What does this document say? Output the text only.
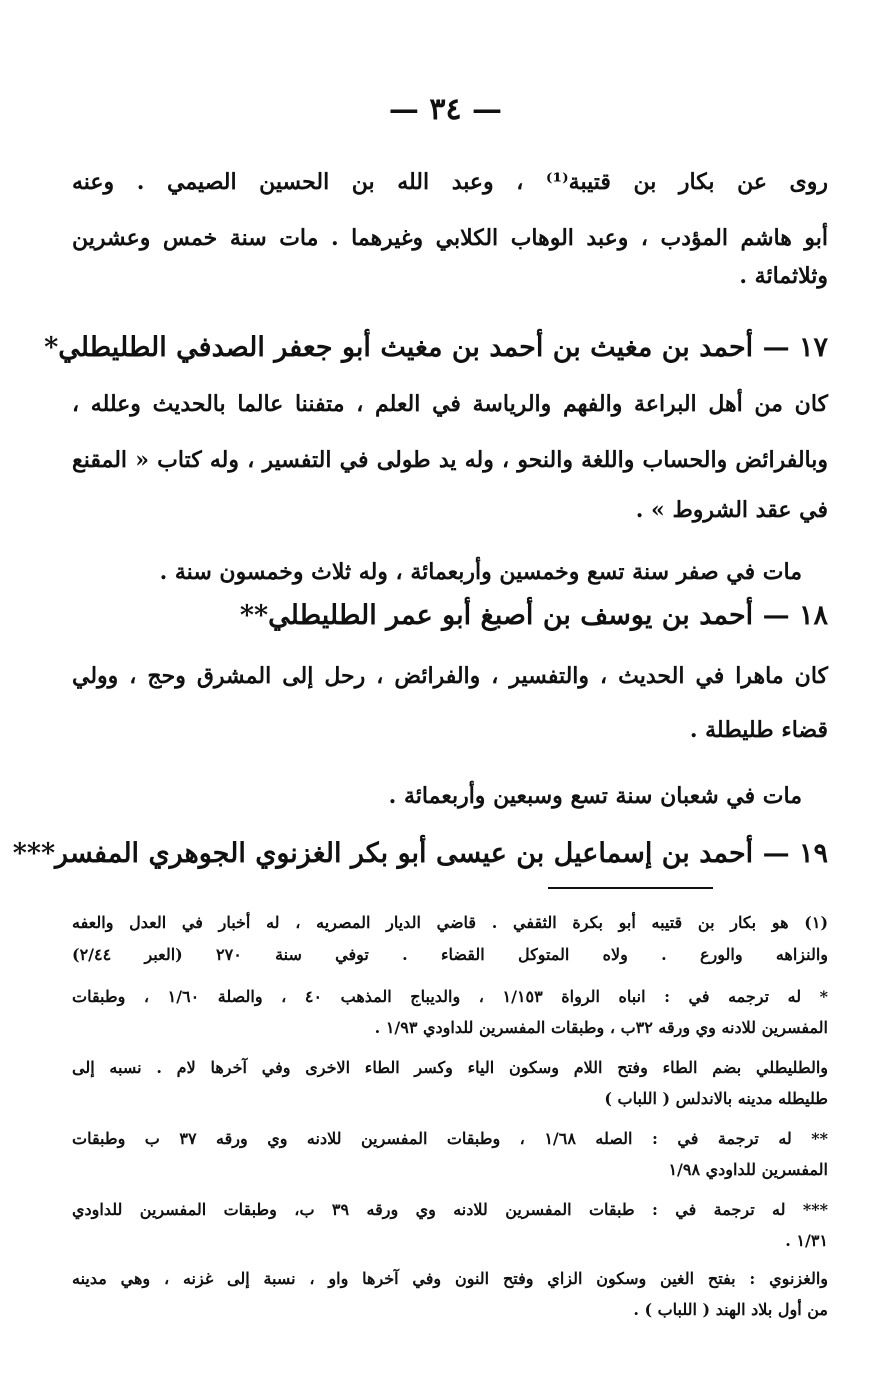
— ٣٤ —
روى عن بكار بن قتيبة⁽¹⁾ ، وعبد الله بن الحسين الصيمي . وعنه
أبو هاشم المؤدب ، وعبد الوهاب الكلابي وغيرهما . مات سنة خمس وعشرين
وثلاثمائة .
١٧ — أحمد بن مغيث بن أحمد بن مغيث أبو جعفر الصدفي الطليطلي*
كان من أهل البراعة والفهم والرياسة في العلم ، متفننا عالما بالحديث وعلله ،
وبالفرائض والحساب واللغة والنحو ، وله يد طولى في التفسير ، وله كتاب « المقنع
في عقد الشروط » .
مات في صفر سنة تسع وخمسين وأربعمائة ، وله ثلاث وخمسون سنة .
١٨ — أحمد بن يوسف بن أصبغ أبو عمر الطليطلي**
كان ماهرا في الحديث ، والتفسير ، والفرائض ، رحل إلى المشرق وحج ، وولي
قضاء طليطلة .
مات في شعبان سنة تسع وسبعين وأربعمائة .
١٩ — أحمد بن إسماعيل بن عيسى أبو بكر الغزنوي الجوهري المفسر***
(١) هو بكار بن قتيبه أبو بكرة الثقفي . قاضي الديار المصريه ، له أخبار في العدل والعفه
والنزاهه والورع . ولاه المتوكل القضاء . توفي سنة ٢٧٠ (العبر ٢/٤٤)
* له ترجمه في : انباه الرواة ١/١٥٣ ، والديباج المذهب ٤٠ ، والصلة ١/٦٠ ، وطبقات
المفسرين للادنه وي ورقه ٣٢ب ، وطبقات المفسرين للداودي ١/٩٣ .
والطليطلي بضم الطاء وفتح اللام وسكون الياء وكسر الطاء الاخرى وفي آخرها لام . نسبه إلى
طليطله مدينه بالاندلس ( اللباب )
** له ترجمة في : الصله ١/٦٨ ، وطبقات المفسرين للادنه وي ورقه ٣٧ ب وطبقات
المفسرين للداودي ١/٩٨
*** له ترجمة في : طبقات المفسرين للادنه وي ورقه ٣٩ ب، وطبقات المفسرين للداودي
١/٣١ .
والغزنوي : بفتح الغين وسكون الزاي وفتح النون وفي آخرها واو ، نسبة إلى غزنه ، وهي مدينه
من أول بلاد الهند ( اللباب ) .
